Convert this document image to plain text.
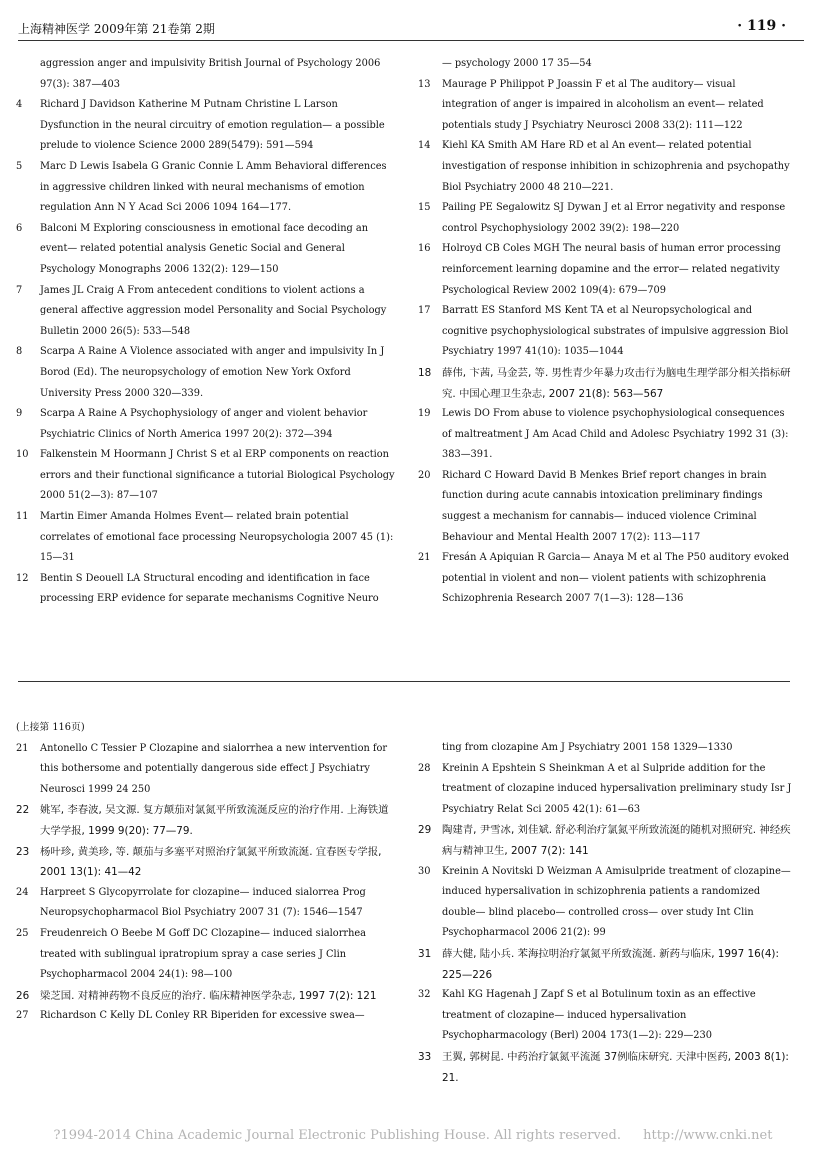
上海精神医学 2009年第 21卷第 2期	· 119 ·

aggression anger and impulsivity British Journal of Psychology 2006 97(3): 387—403

4 Richard J Davidson Katherine M Putnam Christine L Larson Dysfunction in the neural circuitry of emotion regulation— a possible prelude to violence Science 2000 289(5479): 591—594

5 Marc D Lewis Isabela G Granic Connie L Amm Behavioral differences in aggressive children linked with neural mechanisms of emotion regulation Ann N Y Acad Sci 2006 1094 164—177.

6 Balconi M Exploring consciousness in emotional face decoding an event— related potential analysis Genetic Social and General Psychology Monographs 2006 132(2): 129—150

7 James JL Craig A From antecedent conditions to violent actions a general affective aggression model Personality and Social Psychology Bulletin 2000 26(5): 533—548

8 Scarpa A Raine A Violence associated with anger and impulsivity In J Borod (Ed). The neuropsychology of emotion New York Oxford University Press 2000 320—339.

9 Scarpa A Raine A Psychophysiology of anger and violent behavior Psychiatric Clinics of North America 1997 20(2): 372—394

10 Falkenstein M Hoormann J Christ S et al ERP components on reaction errors and their functional significance a tutorial Biological Psychology 2000 51(2—3): 87—107

11 Martin Eimer Amanda Holmes Event— related brain potential correlates of emotional face processing Neuropsychologia 2007 45 (1): 15—31

12 Bentin S Deouell LA Structural encoding and identification in face processing ERP evidence for separate mechanisms Cognitive Neuro

— psychology 2000 17 35—54

13 Maurage P Philippot P Joassin F et al The auditory— visual integration of anger is impaired in alcoholism an event— related potentials study J Psychiatry Neurosci 2008 33(2): 111—122

14 Kiehl KA Smith AM Hare RD et al An event— related potential investigation of response inhibition in schizophrenia and psychopathy Biol Psychiatry 2000 48 210—221.

15 Pailing PE Segalowitz SJ Dywan J et al Error negativity and response control Psychophysiology 2002 39(2): 198—220

16 Holroyd CB Coles MGH The neural basis of human error processing reinforcement learning dopamine and the error— related negativity Psychological Review 2002 109(4): 679—709

17 Barratt ES Stanford MS Kent TA et al Neuropsychological and cognitive psychophysiological substrates of impulsive aggression Biol Psychiatry 1997 41(10): 1035—1044

18 薛伟, 卞茜, 马金芸, 等. 男性青少年暴力攻击行为脑电生理学部分相关指标研究. 中国心理卫生杂志, 2007 21(8): 563—567

19 Lewis DO From abuse to violence psychophysiological consequences of maltreatment J Am Acad Child and Adolesc Psychiatry 1992 31 (3): 383—391.

20 Richard C Howard David B Menkes Brief report changes in brain function during acute cannabis intoxication preliminary findings suggest a mechanism for cannabis— induced violence Criminal Behaviour and Mental Health 2007 17(2): 113—117

21 Fresán A Apiquian R Garcia— Anaya M et al The P50 auditory evoked potential in violent and non— violent patients with schizophrenia Schizophrenia Research 2007 7(1—3): 128—136

(上接第 116页)

21 Antonello C Tessier P Clozapine and sialorrhea a new intervention for this bothersome and potentially dangerous side effect J Psychiatry Neurosci 1999 24 250

22 姚军, 李春波, 吴文源. 复方颠茄对氯氮平所致流涎反应的治疗作用. 上海铁道大学学报, 1999 9(20): 77—79.

23 杨叶珍, 黄美珍, 等. 颠茄与多塞平对照治疗氯氮平所致流涎. 宜春医专学报, 2001 13(1): 41—42

24 Harpreet S Glycopyrrolate for clozapine— induced sialorrea Prog Neuropsychopharmacol Biol Psychiatry 2007 31 (7): 1546—1547

25 Freudenreich O Beebe M Goff DC Clozapine— induced sialorrhea treated with sublingual ipratropium spray a case series J Clin Psychopharmacol 2004 24(1): 98—100

26 梁芝国. 对精神药物不良反应的治疗. 临床精神医学杂志, 1997 7(2): 121

27 Richardson C Kelly DL Conley RR Biperiden for excessive swea—

ting from clozapine Am J Psychiatry 2001 158 1329—1330

28 Kreinin A Epshtein S Sheinkman A et al Sulpride addition for the treatment of clozapine induced hypersalivation preliminary study Isr J Psychiatry Relat Sci 2005 42(1): 61—63

29 陶建青, 尹雪冰, 刘佳斌. 舒必利治疗氯氮平所致流涎的随机对照研究. 神经疾病与精神卫生, 2007 7(2): 141

30 Kreinin A Novitski D Weizman A Amisulpride treatment of clozapine— induced hypersalivation in schizophrenia patients a randomized double— blind placebo— controlled cross— over study Int Clin Psychopharmacol 2006 21(2): 99

31 薛大健, 陆小兵. 苯海拉明治疗氯氮平所致流涎. 新药与临床, 1997 16(4): 225—226

32 Kahl KG Hagenah J Zapf S et al Botulinum toxin as an effective treatment of clozapine— induced hypersalivation Psychopharmacology (Berl) 2004 173(1—2): 229—230

33 王翼, 郭树昆. 中药治疗氯氮平流涎 37例临床研究. 天津中医药, 2003 8(1): 21.

?1994-2014 China Academic Journal Electronic Publishing House. All rights reserved. http://www.cnki.net
